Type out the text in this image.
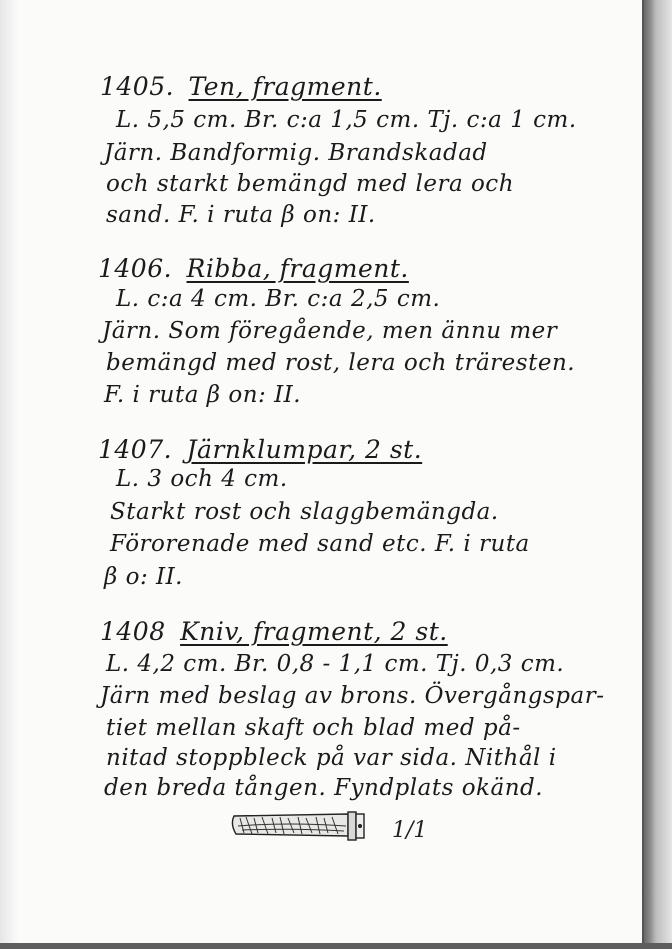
1405. Ten, fragment.
L. 5,5 cm. Br. c:a 1,5 cm. Tj. c:a 1 cm.
Järn. Bandformig. Brandskadad
och starkt bemängd med lera och
sand. F. i ruta β on: II.
1406. Ribba, fragment.
L. c:a 4 cm. Br. c:a 2,5 cm.
Järn. Som föregående, men ännu mer
bemängd med rost, lera och träresten.
F. i ruta β on: II.
1407. Järnklumpar, 2 st.
L. 3 och 4 cm.
Starkt rost och slaggbemängda.
Förorenade med sand etc. F. i ruta
β o: II.
1408 Kniv, fragment, 2 st.
L. 4,2 cm. Br. 0,8 - 1,1 cm. Tj. 0,3 cm.
Järn med beslag av brons. Övergångspar-
tiet mellan skaft och blad med på-
nitad stoppbleck på var sida. Nithål i
den breda tången. Fyndplats okänd.
1/1
